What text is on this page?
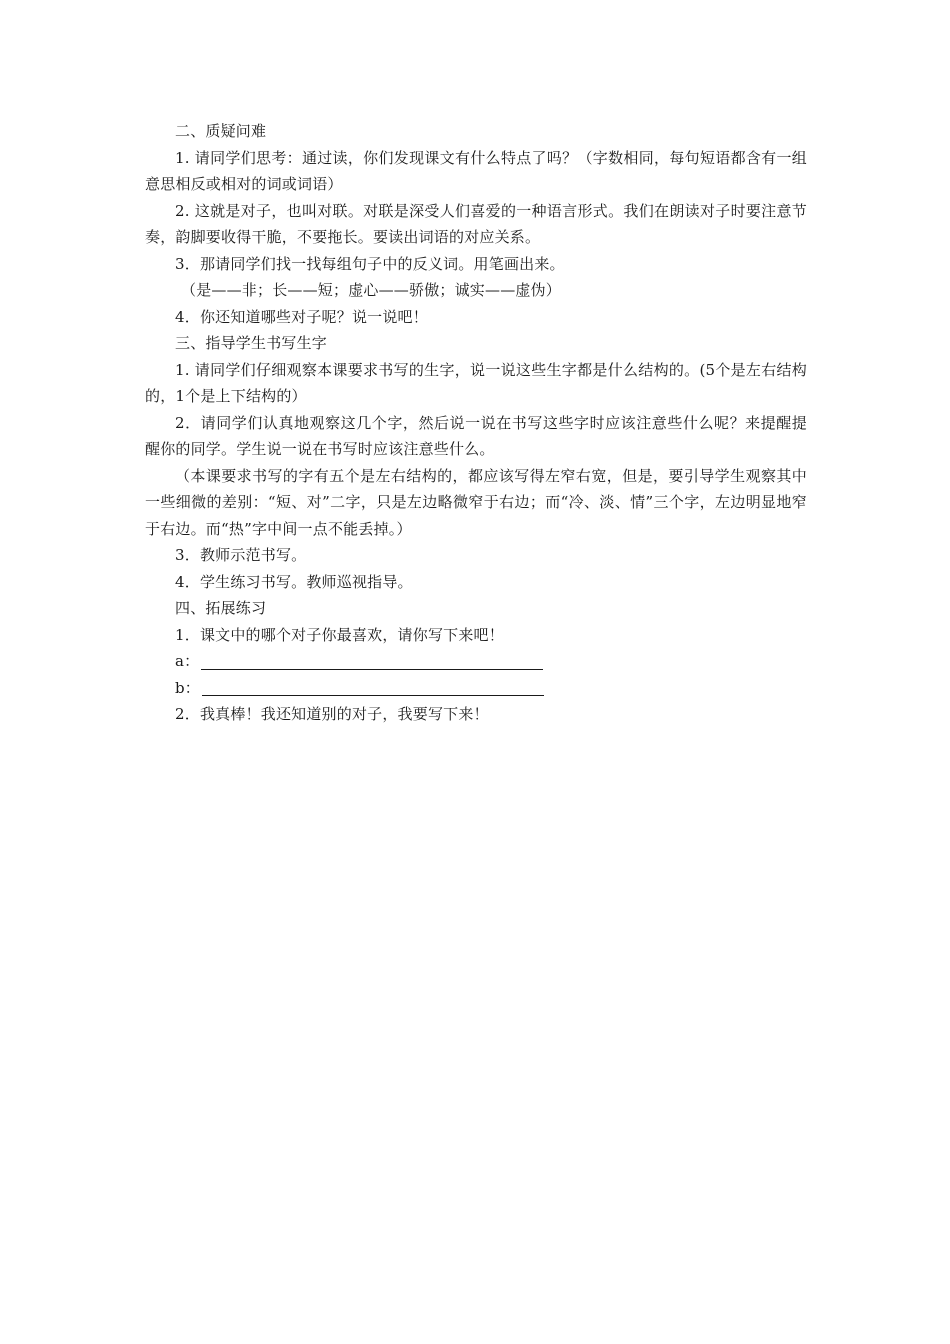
二、质疑问难

1. 请同学们思考：通过读，你们发现课文有什么特点了吗？（字数相同，每句短语都含有一组意思相反或相对的词或词语）

2. 这就是对子，也叫对联。对联是深受人们喜爱的一种语言形式。我们在朗读对子时要注意节奏，韵脚要收得干脆，不要拖长。要读出词语的对应关系。

3．那请同学们找一找每组句子中的反义词。用笔画出来。

（是——非；长——短；虚心——骄傲；诚实——虚伪）

4．你还知道哪些对子呢？说一说吧！

三、指导学生书写生字

1. 请同学们仔细观察本课要求书写的生字，说一说这些生字都是什么结构的。(5个是左右结构的，1个是上下结构的）

2．请同学们认真地观察这几个字，然后说一说在书写这些字时应该注意些什么呢？来提醒提醒你的同学。学生说一说在书写时应该注意些什么。

（本课要求书写的字有五个是左右结构的，都应该写得左窄右宽，但是，要引导学生观察其中一些细微的差别：“短、对”二字，只是左边略微窄于右边；而“冷、淡、情”三个字，左边明显地窄于右边。而“热”字中间一点不能丢掉。）

3．教师示范书写。

4．学生练习书写。教师巡视指导。

四、拓展练习

1．课文中的哪个对子你最喜欢，请你写下来吧！

a：
b：

2．我真棒！我还知道别的对子，我要写下来！
